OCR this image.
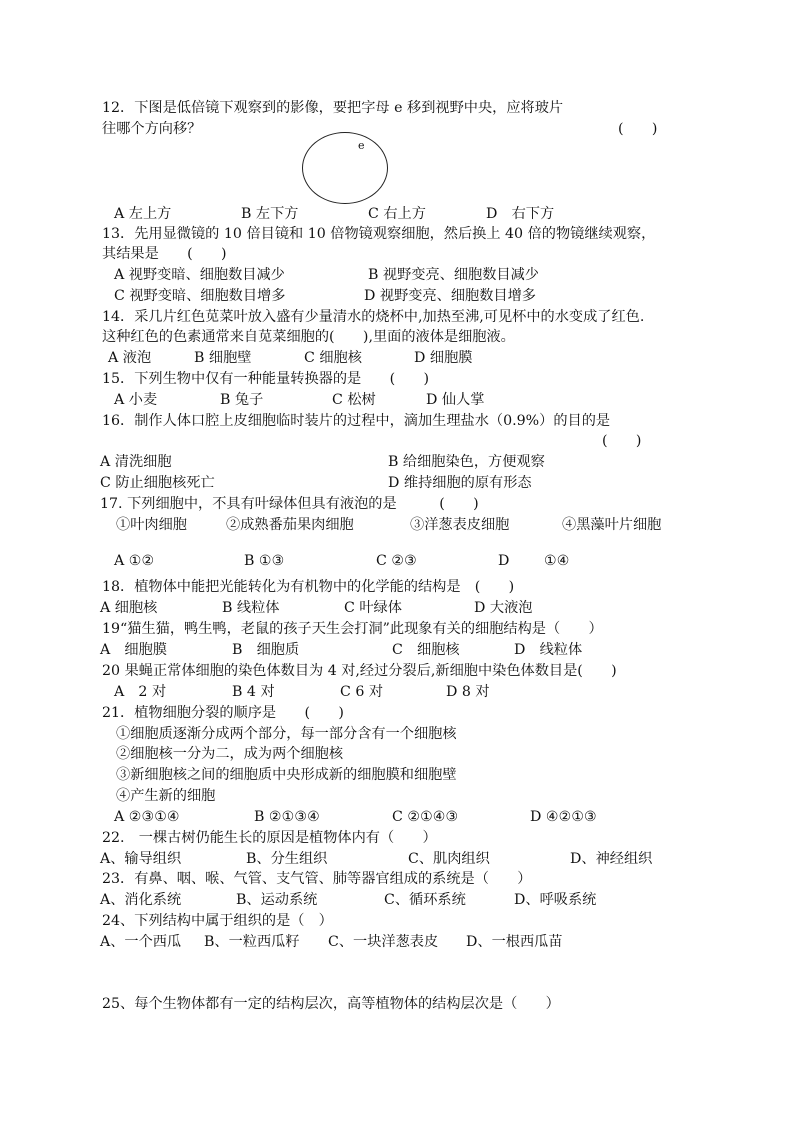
12．下图是低倍镜下观察到的影像，要把字母 e 移到视野中央，应将玻片
往哪个方向移？	(　　)
e
A 左上方	B 左下方	C 右上方	D　右下方
13．先用显微镜的 10 倍目镜和 10 倍物镜观察细胞，然后换上 40 倍的物镜继续观察，
其结果是　　(　　)
A 视野变暗、细胞数目减少	B 视野变亮、细胞数目减少
C 视野变暗、细胞数目增多	D 视野变亮、细胞数目增多
14．采几片红色苋菜叶放入盛有少量清水的烧杯中,加热至沸,可见杯中的水变成了红色.
这种红色的色素通常来自苋菜细胞的(　　),里面的液体是细胞液。
A 液泡	B 细胞壁	C 细胞核	D 细胞膜
15．下列生物中仅有一种能量转换器的是　　(　　)
A 小麦	B 兔子	C 松树	D 仙人掌
16．制作人体口腔上皮细胞临时装片的过程中，滴加生理盐水（0.9%）的目的是
(　　)
A 清洗细胞	B 给细胞染色，方便观察
C 防止细胞核死亡	D 维持细胞的原有形态
17. 下列细胞中，不具有叶绿体但具有液泡的是　　　(　　)
①叶肉细胞	②成熟番茄果肉细胞	③洋葱表皮细胞	④黑藻叶片细胞
A ①②	B ①③	C ②③	D ①④
18．植物体中能把光能转化为有机物中的化学能的结构是　(　　)
A 细胞核	B 线粒体	C 叶绿体	D 大液泡
19“猫生猫，鸭生鸭，老鼠的孩子天生会打洞”此现象有关的细胞结构是（　　）
A　细胞膜	B　细胞质	C　细胞核	D　线粒体
20 果蝇正常体细胞的染色体数目为 4 对,经过分裂后,新细胞中染色体数目是(　　)
A　2 对	B 4 对	C 6 对	D 8 对
21．植物细胞分裂的顺序是　　(　　)
①细胞质逐渐分成两个部分，每一部分含有一个细胞核
②细胞核一分为二，成为两个细胞核
③新细胞核之间的细胞质中央形成新的细胞膜和细胞壁
④产生新的细胞
A ②③①④	B ②①③④	C ②①④③	D ④②①③
22.　一棵古树仍能生长的原因是植物体内有（　　）
A、输导组织	B、分生组织	C、肌肉组织	D、神经组织
23．有鼻、咽、喉、气管、支气管、肺等器官组成的系统是（　　）
A、消化系统	B、运动系统	C、循环系统	D、呼吸系统
24、下列结构中属于组织的是（　）
A、一个西瓜 B、一粒西瓜籽 C、一块洋葱表皮 D、一根西瓜苗
25、每个生物体都有一定的结构层次，高等植物体的结构层次是（　　）
